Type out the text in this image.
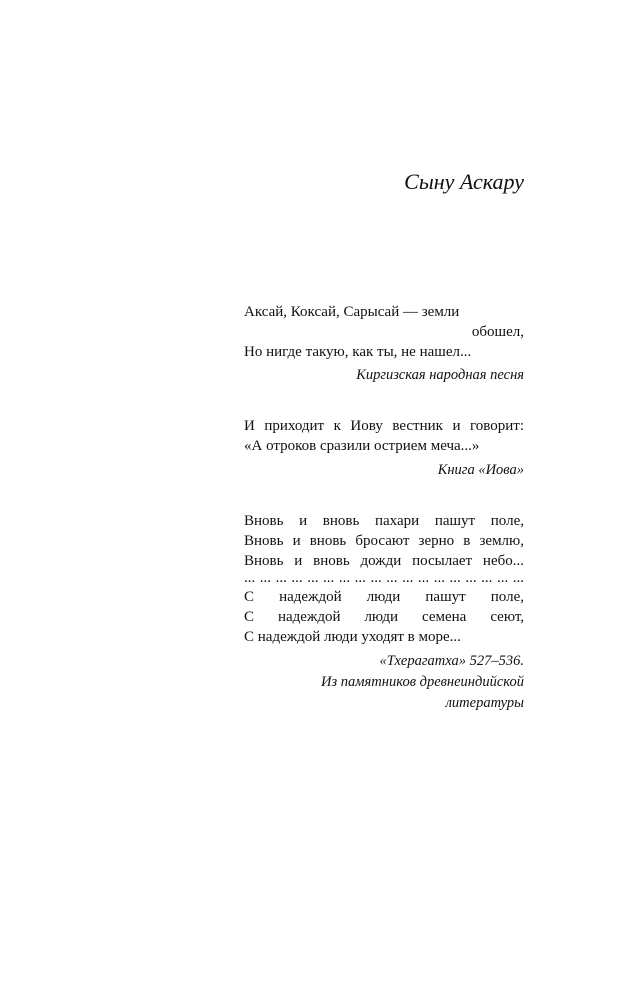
Сыну Аскару
Аксай, Коксай, Сарысай — земли
обошел,
Но нигде такую, как ты, не нашел...
Киргизская народная песня
И приходит к Иову вестник и говорит:
«А отроков сразили острием меча...»
Книга «Иова»
Вновь и вновь пахари пашут поле,
Вновь и вновь бросают зерно в землю,
Вновь и вновь дожди посылает небо...
... ... ... ... ... ... ... ... ... ... ... ... ... ... ... ... ... ...
С надеждой люди пашут поле,
С надеждой люди семена сеют,
С надеждой люди уходят в море...
«Тхерагатха» 527–536.
Из памятников древнеиндийской
литературы
